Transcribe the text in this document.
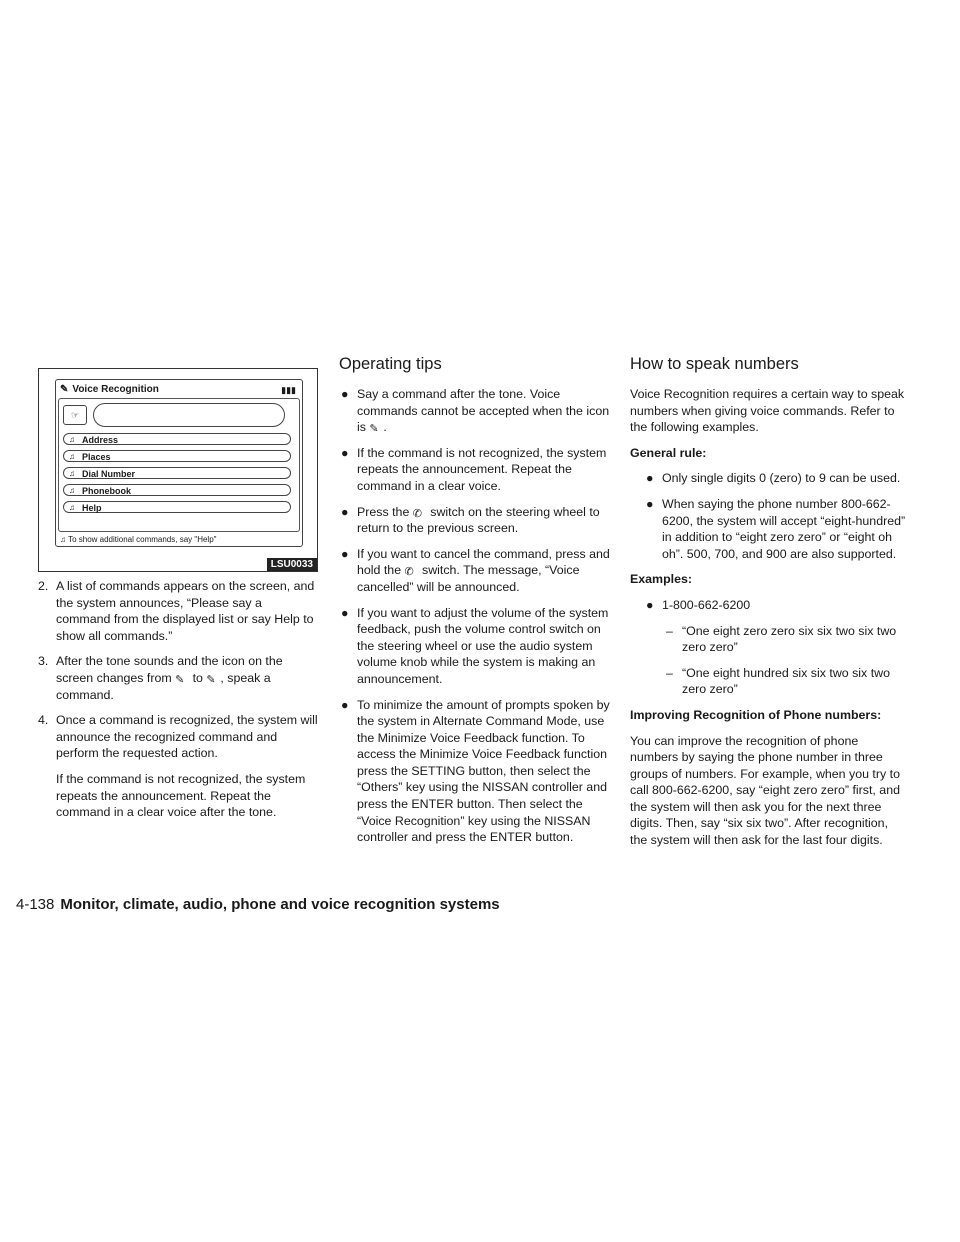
✎ Voice Recognition	▮▮▮
☞
♫ Address
♫ Places
♫ Dial Number
♫ Phonebook
♫ Help
♫ To show additional commands, say "Help"
LSU0033
2. A list of commands appears on the screen, and the system announces, “Please say a command from the displayed list or say Help to show all commands.”
3. After the tone sounds and the icon on the screen changes from ✎ to ✎ , speak a command.
4. Once a command is recognized, the system will announce the recognized command and perform the requested action.

If the command is not recognized, the system repeats the announcement. Repeat the command in a clear voice after the tone.

Operating tips
● Say a command after the tone. Voice commands cannot be accepted when the icon is ✎ .
● If the command is not recognized, the system repeats the announcement. Repeat the command in a clear voice.
● Press the ✆ switch on the steering wheel to return to the previous screen.
● If you want to cancel the command, press and hold the ✆ switch. The message, “Voice cancelled” will be announced.
● If you want to adjust the volume of the system feedback, push the volume control switch on the steering wheel or use the audio system volume knob while the system is making an announcement.
● To minimize the amount of prompts spoken by the system in Alternate Command Mode, use the Minimize Voice Feedback function. To access the Minimize Voice Feedback function press the SETTING button, then select the “Others” key using the NISSAN controller and press the ENTER button. Then select the “Voice Recognition” key using the NISSAN controller and press the ENTER button.
How to speak numbers

Voice Recognition requires a certain way to speak numbers when giving voice commands. Refer to the following examples.

General rule:

● Only single digits 0 (zero) to 9 can be used.
● When saying the phone number 800-662-6200, the system will accept “eight-hundred” in addition to “eight zero zero” or “eight oh oh”. 500, 700, and 900 are also supported.

Examples:

● 1-800-662-6200
– “One eight zero zero six six two six two zero zero”
– “One eight hundred six six two six two zero zero”

Improving Recognition of Phone numbers:

You can improve the recognition of phone numbers by saying the phone number in three groups of numbers. For example, when you try to call 800-662-6200, say “eight zero zero” first, and the system will then ask you for the next three digits. Then, say “six six two”. After recognition, the system will then ask for the last four digits.

4-138 Monitor, climate, audio, phone and voice recognition systems
